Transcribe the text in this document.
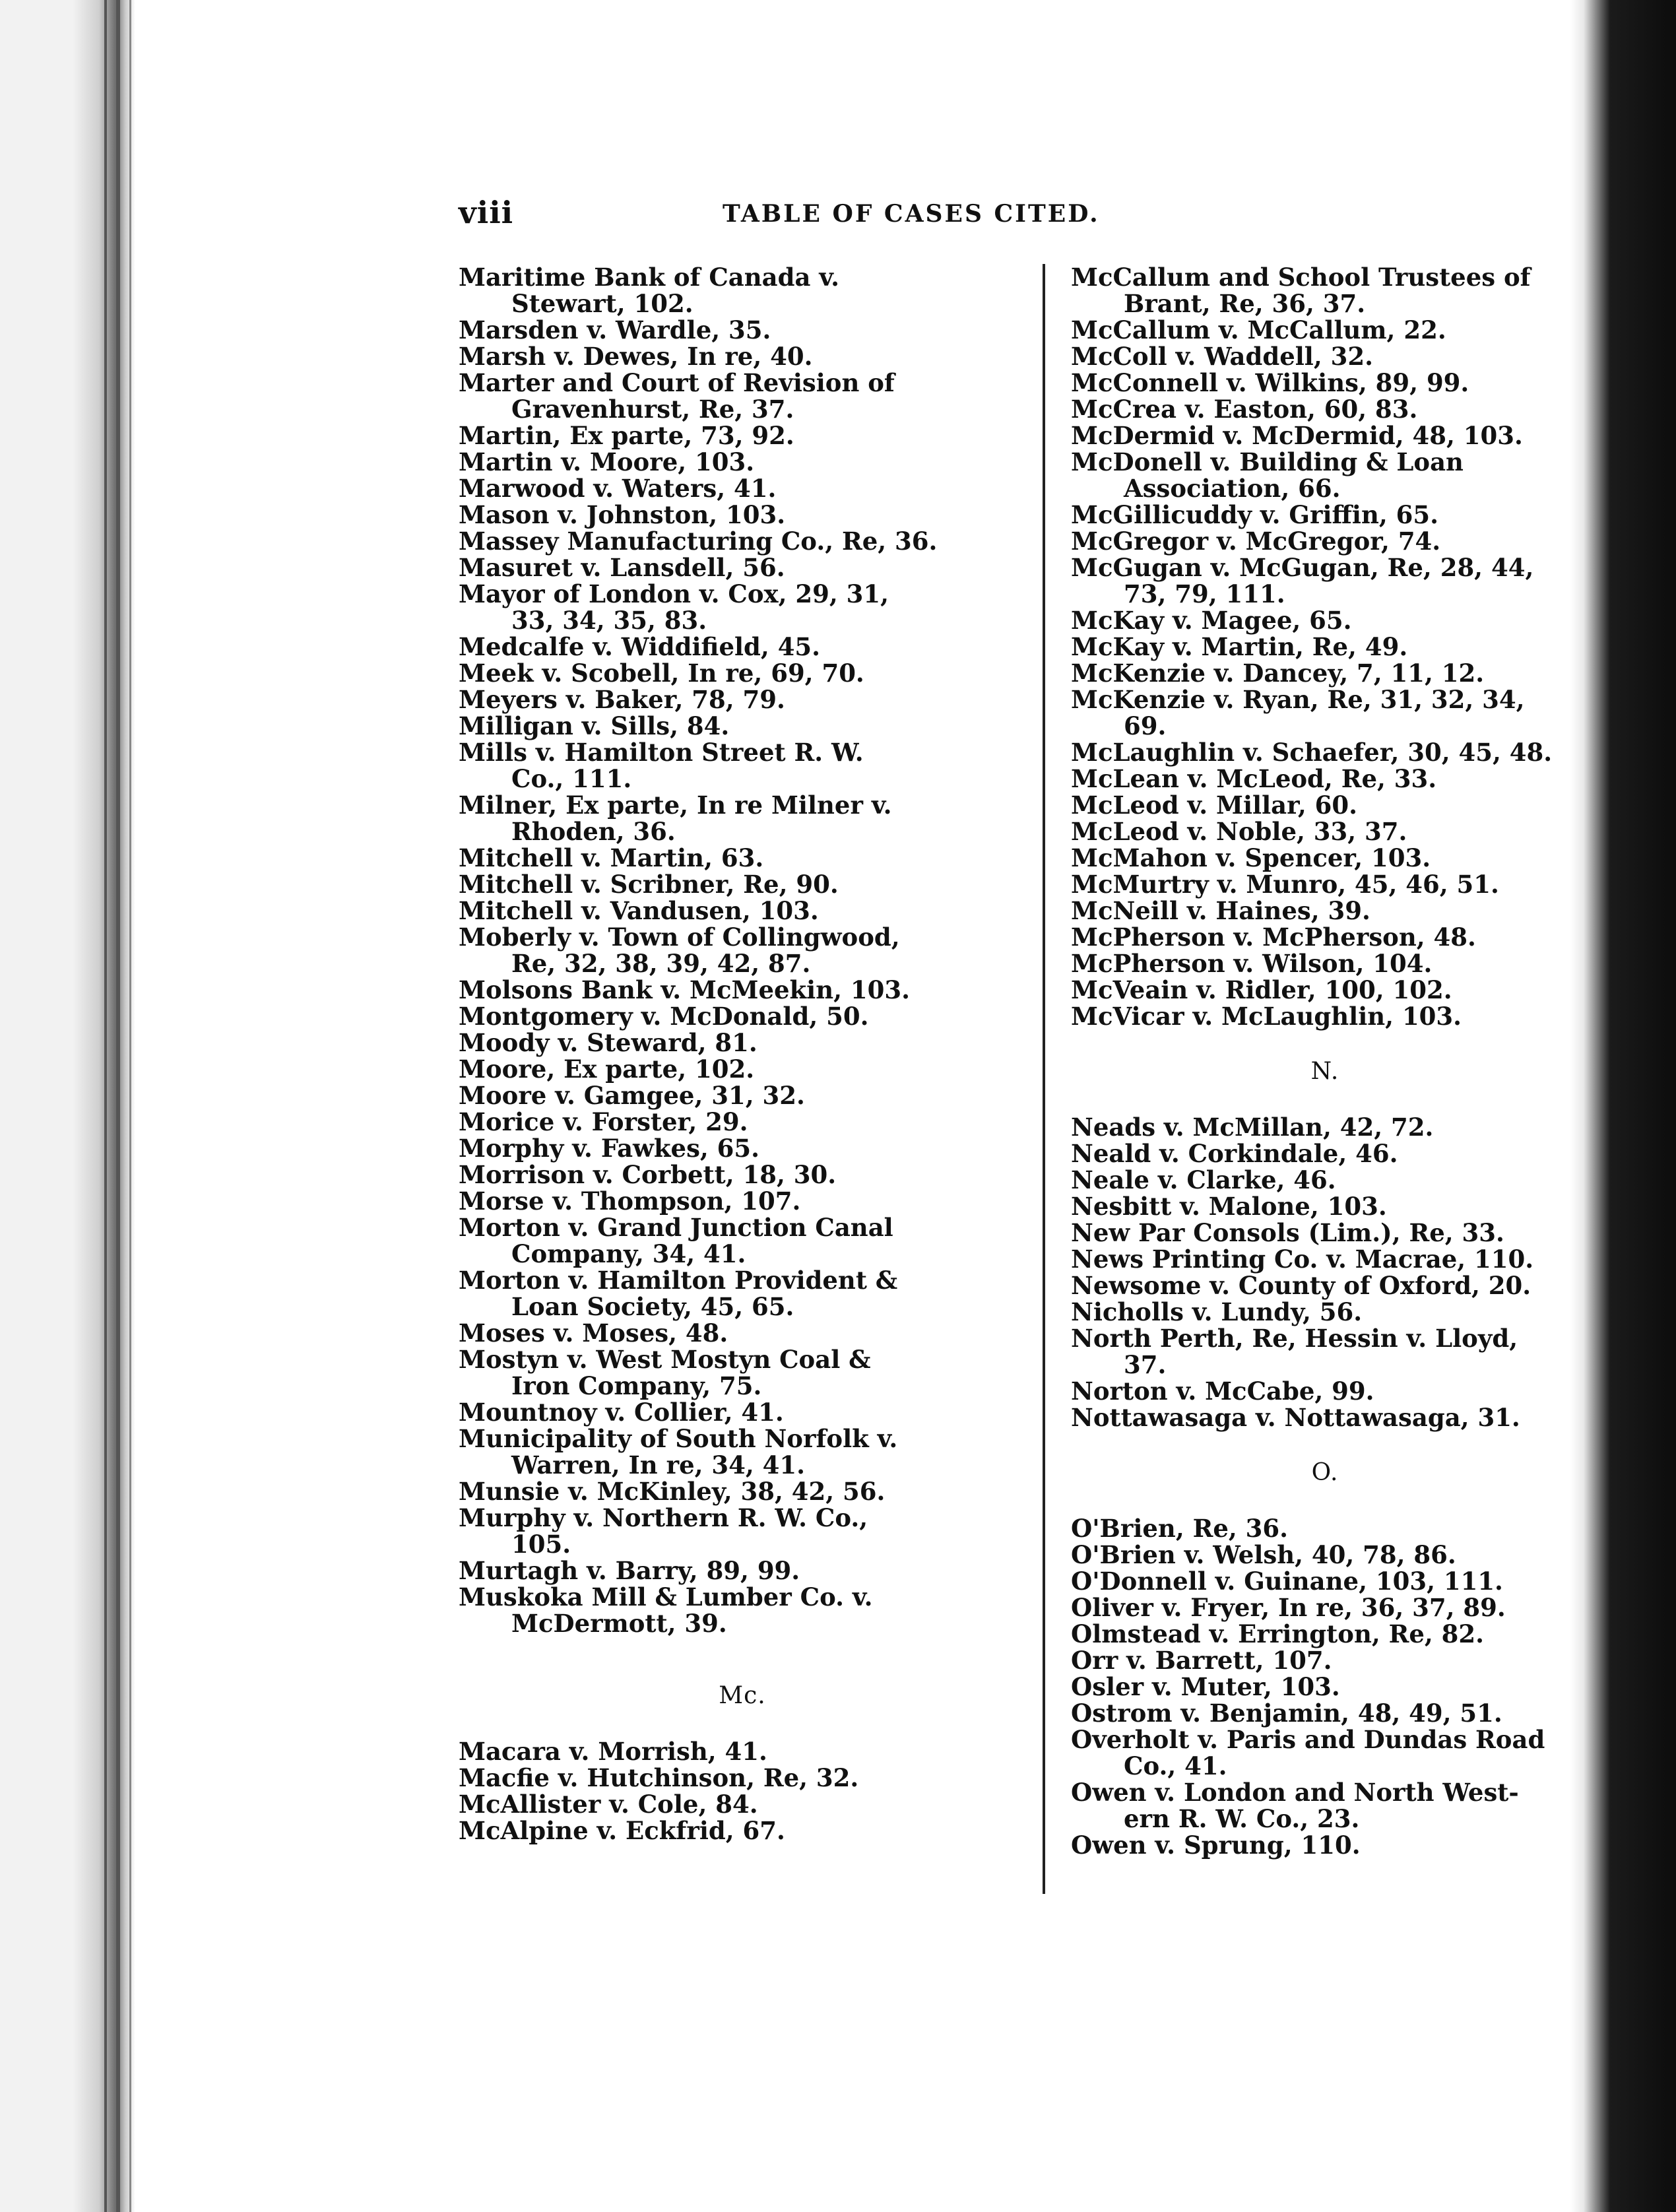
viii	TABLE OF CASES CITED.
Maritime Bank of Canada v.
Stewart, 102.
Marsden v. Wardle, 35.
Marsh v. Dewes, In re, 40.
Marter and Court of Revision of
Gravenhurst, Re, 37.
Martin, Ex parte, 73, 92.
Martin v. Moore, 103.
Marwood v. Waters, 41.
Mason v. Johnston, 103.
Massey Manufacturing Co., Re, 36.
Masuret v. Lansdell, 56.
Mayor of London v. Cox, 29, 31,
33, 34, 35, 83.
Medcalfe v. Widdifield, 45.
Meek v. Scobell, In re, 69, 70.
Meyers v. Baker, 78, 79.
Milligan v. Sills, 84.
Mills v. Hamilton Street R. W.
Co., 111.
Milner, Ex parte, In re Milner v.
Rhoden, 36.
Mitchell v. Martin, 63.
Mitchell v. Scribner, Re, 90.
Mitchell v. Vandusen, 103.
Moberly v. Town of Collingwood,
Re, 32, 38, 39, 42, 87.
Molsons Bank v. McMeekin, 103.
Montgomery v. McDonald, 50.
Moody v. Steward, 81.
Moore, Ex parte, 102.
Moore v. Gamgee, 31, 32.
Morice v. Forster, 29.
Morphy v. Fawkes, 65.
Morrison v. Corbett, 18, 30.
Morse v. Thompson, 107.
Morton v. Grand Junction Canal
Company, 34, 41.
Morton v. Hamilton Provident &
Loan Society, 45, 65.
Moses v. Moses, 48.
Mostyn v. West Mostyn Coal &
Iron Company, 75.
Mountnoy v. Collier, 41.
Municipality of South Norfolk v.
Warren, In re, 34, 41.
Munsie v. McKinley, 38, 42, 56.
Murphy v. Northern R. W. Co.,
105.
Murtagh v. Barry, 89, 99.
Muskoka Mill & Lumber Co. v.
McDermott, 39.
Mc.
Macara v. Morrish, 41.
Macfie v. Hutchinson, Re, 32.
McAllister v. Cole, 84.
McAlpine v. Eckfrid, 67.
McCallum and School Trustees of
Brant, Re, 36, 37.
McCallum v. McCallum, 22.
McColl v. Waddell, 32.
McConnell v. Wilkins, 89, 99.
McCrea v. Easton, 60, 83.
McDermid v. McDermid, 48, 103.
McDonell v. Building & Loan
Association, 66.
McGillicuddy v. Griffin, 65.
McGregor v. McGregor, 74.
McGugan v. McGugan, Re, 28, 44,
73, 79, 111.
McKay v. Magee, 65.
McKay v. Martin, Re, 49.
McKenzie v. Dancey, 7, 11, 12.
McKenzie v. Ryan, Re, 31, 32, 34,
69.
McLaughlin v. Schaefer, 30, 45, 48.
McLean v. McLeod, Re, 33.
McLeod v. Millar, 60.
McLeod v. Noble, 33, 37.
McMahon v. Spencer, 103.
McMurtry v. Munro, 45, 46, 51.
McNeill v. Haines, 39.
McPherson v. McPherson, 48.
McPherson v. Wilson, 104.
McVeain v. Ridler, 100, 102.
McVicar v. McLaughlin, 103.
N.
Neads v. McMillan, 42, 72.
Neald v. Corkindale, 46.
Neale v. Clarke, 46.
Nesbitt v. Malone, 103.
New Par Consols (Lim.), Re, 33.
News Printing Co. v. Macrae, 110.
Newsome v. County of Oxford, 20.
Nicholls v. Lundy, 56.
North Perth, Re, Hessin v. Lloyd,
37.
Norton v. McCabe, 99.
Nottawasaga v. Nottawasaga, 31.
O.
O'Brien, Re, 36.
O'Brien v. Welsh, 40, 78, 86.
O'Donnell v. Guinane, 103, 111.
Oliver v. Fryer, In re, 36, 37, 89.
Olmstead v. Errington, Re, 82.
Orr v. Barrett, 107.
Osler v. Muter, 103.
Ostrom v. Benjamin, 48, 49, 51.
Overholt v. Paris and Dundas Road
Co., 41.
Owen v. London and North West-
ern R. W. Co., 23.
Owen v. Sprung, 110.
